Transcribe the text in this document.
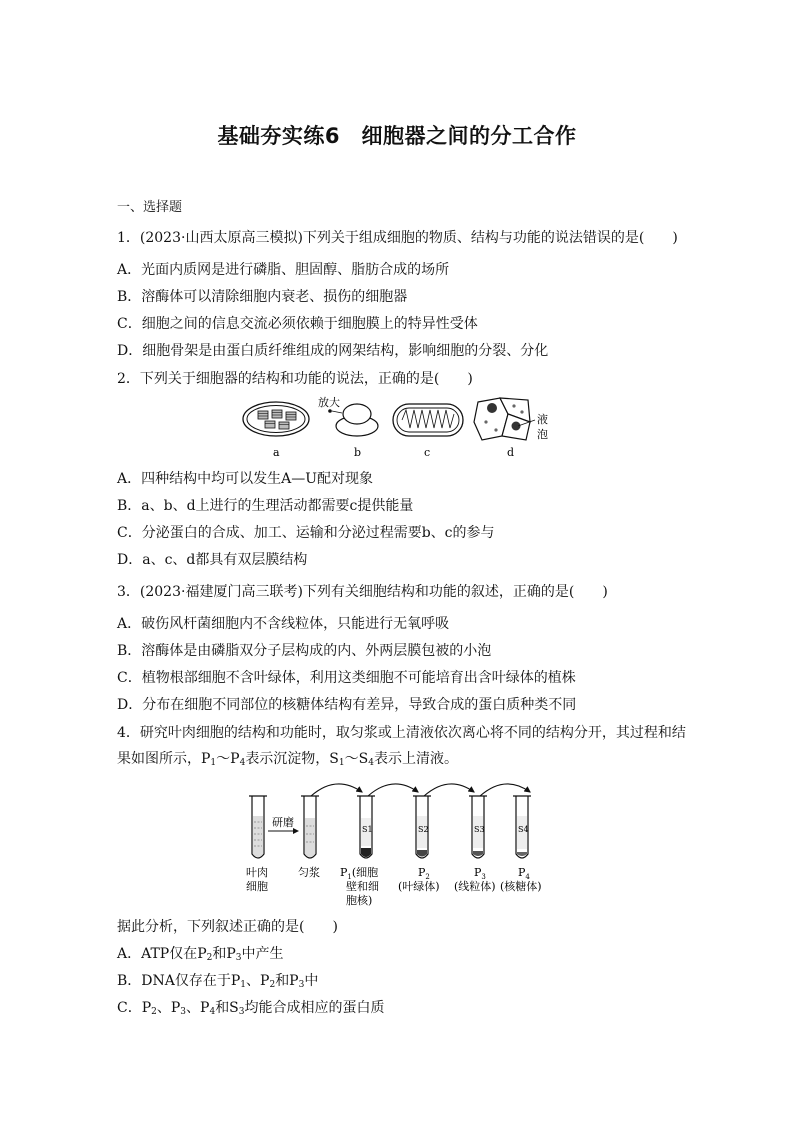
基础夯实练6　细胞器之间的分工合作
一、选择题
1．(2023·山西太原高三模拟)下列关于组成细胞的物质、结构与功能的说法错误的是(　　)
A．光面内质网是进行磷脂、胆固醇、脂肪合成的场所
B．溶酶体可以清除细胞内衰老、损伤的细胞器
C．细胞之间的信息交流必须依赖于细胞膜上的特异性受体
D．细胞骨架是由蛋白质纤维组成的网架结构，影响细胞的分裂、分化
2．下列关于细胞器的结构和功能的说法，正确的是(　　)
放大
液
泡
a	b	c	d
A．四种结构中均可以发生A—U配对现象
B．a、b、d上进行的生理活动都需要c提供能量
C．分泌蛋白的合成、加工、运输和分泌过程需要b、c的参与
D．a、c、d都具有双层膜结构
3．(2023·福建厦门高三联考)下列有关细胞结构和功能的叙述，正确的是(　　)
A．破伤风杆菌细胞内不含线粒体，只能进行无氧呼吸
B．溶酶体是由磷脂双分子层构成的内、外两层膜包被的小泡
C．植物根部细胞不含叶绿体，利用这类细胞不可能培育出含叶绿体的植株
D．分布在细胞不同部位的核糖体结构有差异，导致合成的蛋白质种类不同
4．研究叶肉细胞的结构和功能时，取匀浆或上清液依次离心将不同的结构分开，其过程和结
果如图所示，$P_1\sim P_4$表示沉淀物，$S_1\sim S_4$表示上清液。
研磨
S1	S2	S3	S4
叶肉
细胞
匀浆 $P_1$(细胞
壁和细
胞核)
$P_2$
(叶绿体)
$P_3$
(线粒体)
$P_4$
(核糖体)
据此分析，下列叙述正确的是(　　)
A．ATP仅在$P_2$和$P_3$中产生
B．DNA仅存在于$P_1$、$P_2$和$P_3$中
C．$P_2$、$P_3$、$P_4$和$S_3$均能合成相应的蛋白质
